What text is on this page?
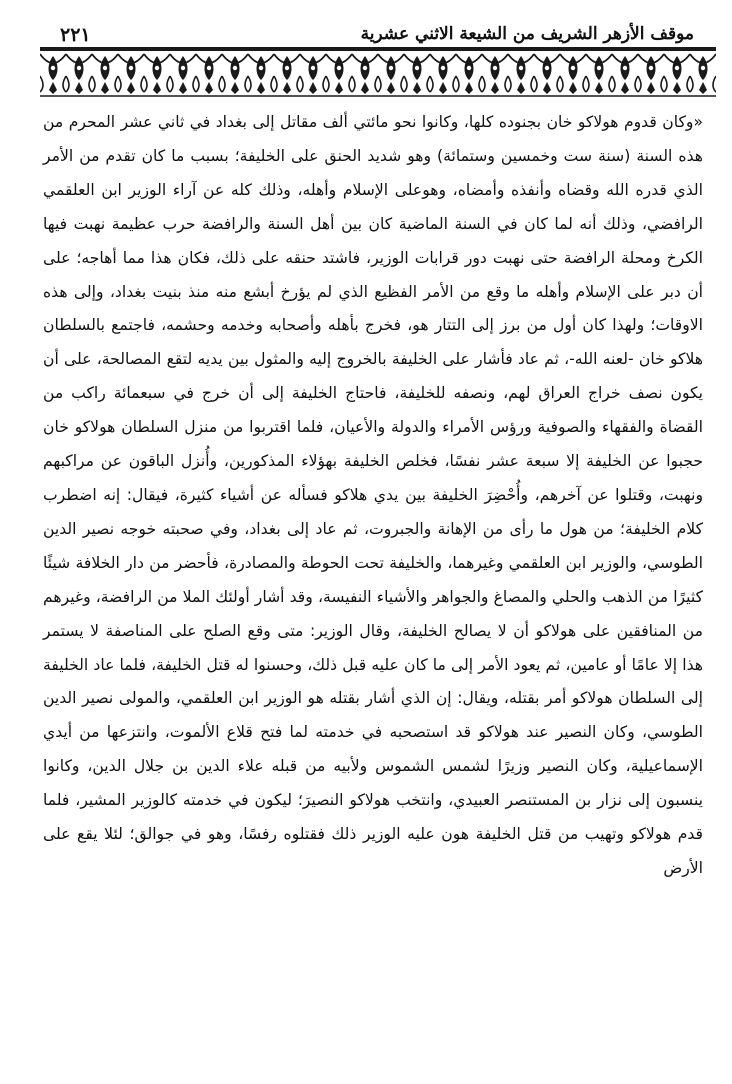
موقف الأزهر الشريف من الشيعة الاثني عشرية
٢٢١

«وكان قدوم هولاكو خان بجنوده كلها، وكانوا نحو مائتي ألف مقاتل إلى بغداد في ثاني عشر المحرم من هذه السنة (سنة ست وخمسين وستمائة) وهو شديد الحنق على الخليفة؛ بسبب ما كان تقدم من الأمر الذي قدره الله وقضاه وأنفذه وأمضاه، وهوعلى الإسلام وأهله، وذلك كله عن آراء الوزير ابن العلقمي الرافضي، وذلك أنه لما كان في السنة الماضية كان بين أهل السنة والرافضة حرب عظيمة نهبت فيها الكرخ ومحلة الرافضة حتى نهبت دور قرابات الوزير، فاشتد حنقه على ذلك، فكان هذا مما أهاجه؛ على أن دبر على الإسلام وأهله ما وقع من الأمر الفظيع الذي لم يؤرخ أبشع منه منذ بنيت بغداد، وإلى هذه الاوقات؛ ولهذا كان أول من برز إلى التتار هو، فخرج بأهله وأصحابه وخدمه وحشمه، فاجتمع بالسلطان هلاكو خان -لعنه الله-، ثم عاد فأشار على الخليفة بالخروج إليه والمثول بين يديه لتقع المصالحة، على أن يكون نصف خراج العراق لهم، ونصفه للخليفة، فاحتاج الخليفة إلى أن خرج في سبعمائة راكب من القضاة والفقهاء والصوفية ورؤس الأمراء والدولة والأعيان، فلما اقتربوا من منزل السلطان هولاكو خان حجبوا عن الخليفة إلا سبعة عشر نفسًا، فخلص الخليفة بهؤلاء المذكورين، وأُنزل الباقون عن مراكبهم ونهبت، وقتلوا عن آخرهم، وأُحْضِرَ الخليفة بين يدي هلاكو فسأله عن أشياء كثيرة، فيقال: إنه اضطرب كلام الخليفة؛ من هول ما رأى من الإهانة والجبروت، ثم عاد إلى بغداد، وفي صحبته خوجه نصير الدين الطوسي، والوزير ابن العلقمي وغيرهما، والخليفة تحت الحوطة والمصادرة، فأحضر من دار الخلافة شيئًا كثيرًا من الذهب والحلي والمصاغ والجواهر والأشياء النفيسة، وقد أشار أولئك الملا من الرافضة، وغيرهم من المنافقين على هولاكو أن لا يصالح الخليفة، وقال الوزير: متى وقع الصلح على المناصفة لا يستمر هذا إلا عامًا أو عامين، ثم يعود الأمر إلى ما كان عليه قبل ذلك، وحسنوا له قتل الخليفة، فلما عاد الخليفة إلى السلطان هولاكو أمر بقتله، ويقال: إن الذي أشار بقتله هو الوزير ابن العلقمي، والمولى نصير الدين الطوسي، وكان النصير عند هولاكو قد استصحبه في خدمته لما فتح قلاع الألموت، وانتزعها من أيدي الإسماعيلية، وكان النصير وزيرًا لشمس الشموس ولأبيه من قبله علاء الدين بن جلال الدين، وكانوا ينسبون إلى نزار بن المستنصر العبيدي، وانتخب هولاكو النصيرَ؛ ليكون في خدمته كالوزير المشير، فلما قدم هولاكو وتهيب من قتل الخليفة هون عليه الوزير ذلك فقتلوه رفسًا، وهو في جوالق؛ لئلا يقع على الأرض
